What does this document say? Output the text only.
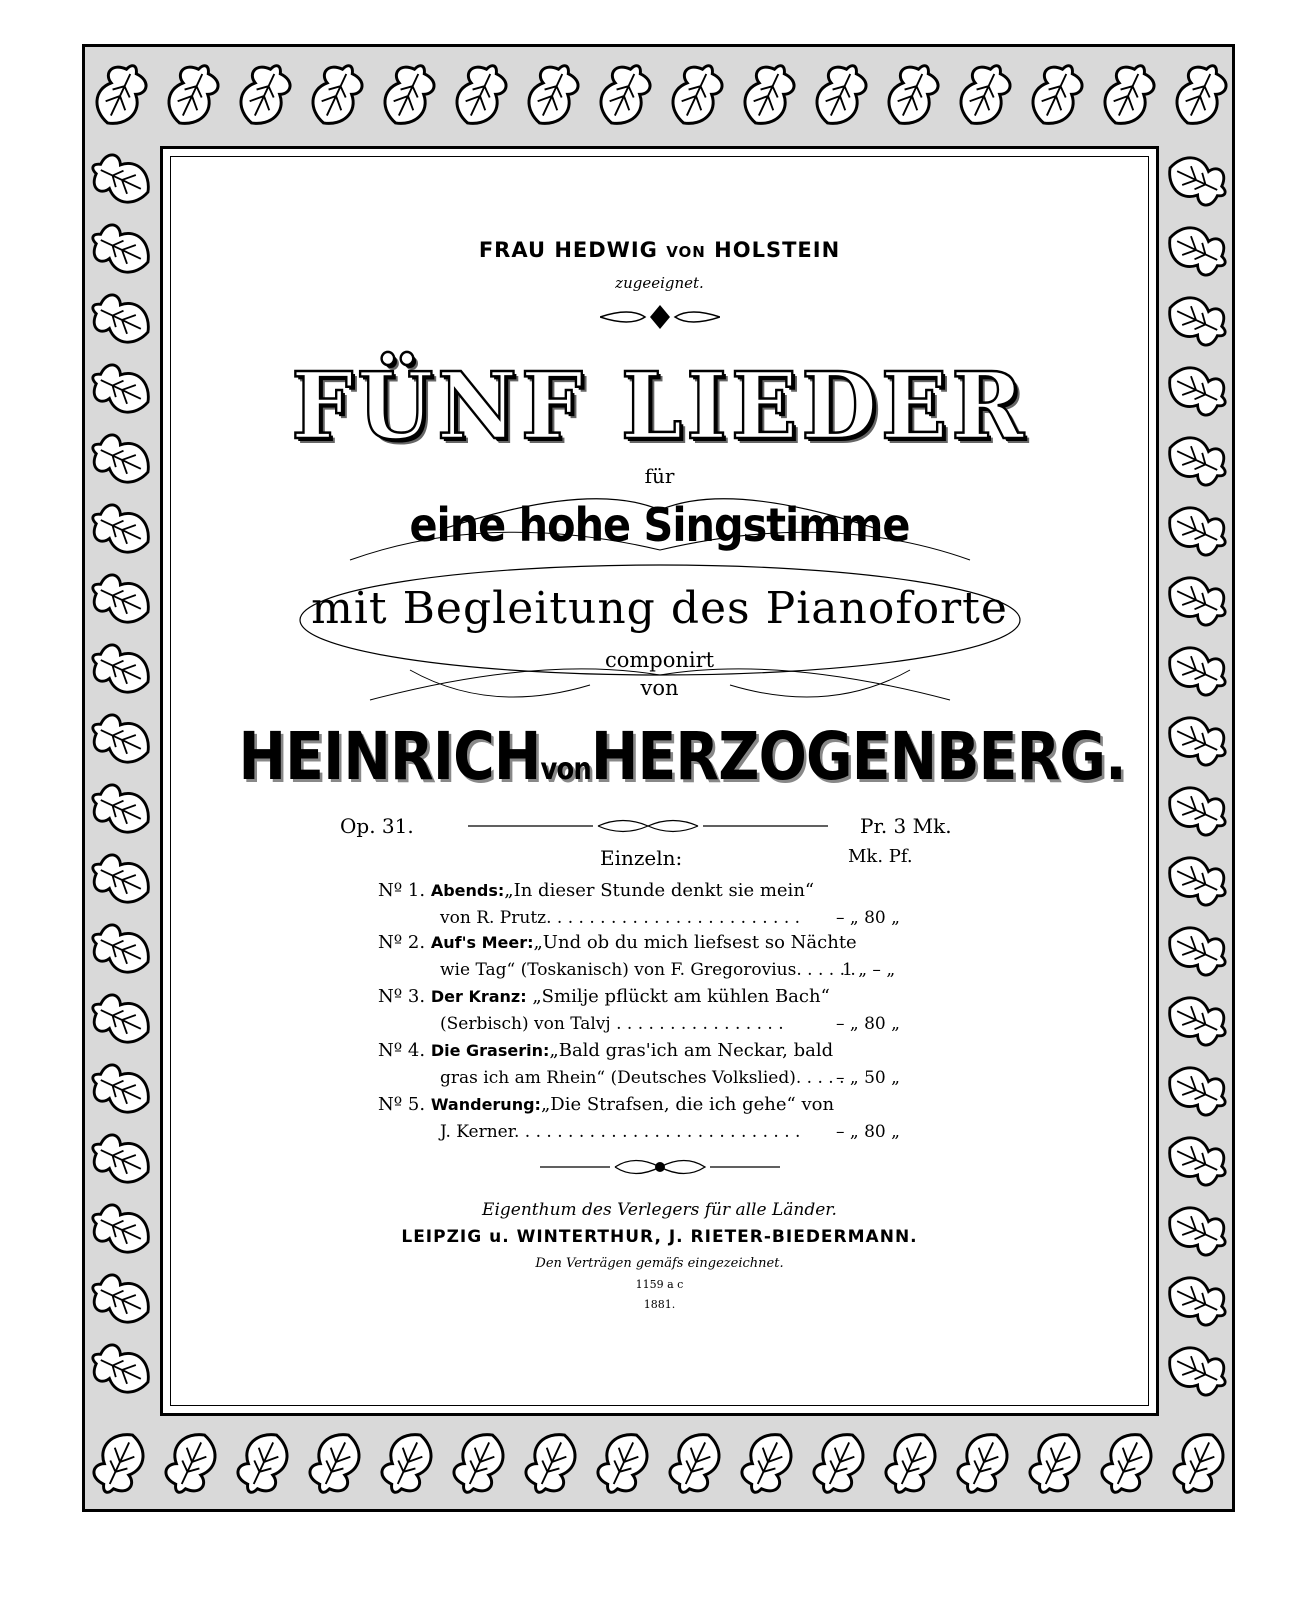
FRAU HEDWIG VON HOLSTEIN
zugeeignet.
FÜNF LIEDER
für
eine hohe Singstimme
mit Begleitung des Pianoforte
componirt
von
HEINRICHvonHERZOGENBERG.
Op. 31.	Pr. 3 Mk.
Einzeln:	Mk. Pf.
Nº 1. Abends:„In dieser Stunde denkt sie mein“
von R. Prutz. . . . . . . . . . . . . . . . . . . . . . . . – „ 80 „
Nº 2. Auf's Meer:„Und ob du mich liefsest so Nächte
wie Tag“ (Toskanisch) von F. Gregorovius. . . . . .
1 „ – „
Nº 3. Der Kranz: „Smilje pflückt am kühlen Bach“
(Serbisch) von Talvj . . . . . . . . . . . . . . . .	– „ 80 „
Nº 4. Die Graserin:„Bald gras'ich am Neckar, bald
gras ich am Rhein“ (Deutsches Volkslied). . . . .
– „ 50 „
Nº 5. Wanderung:„Die Strafsen, die ich gehe“ von
J. Kerner. . . . . . . . . . . . . . . . . . . . . . . . . . . – „ 80 „
Eigenthum des Verlegers für alle Länder.
LEIPZIG u. WINTERTHUR, J. RIETER-BIEDERMANN.
Den Verträgen gemäfs eingezeichnet.
1159 a c
1881.
